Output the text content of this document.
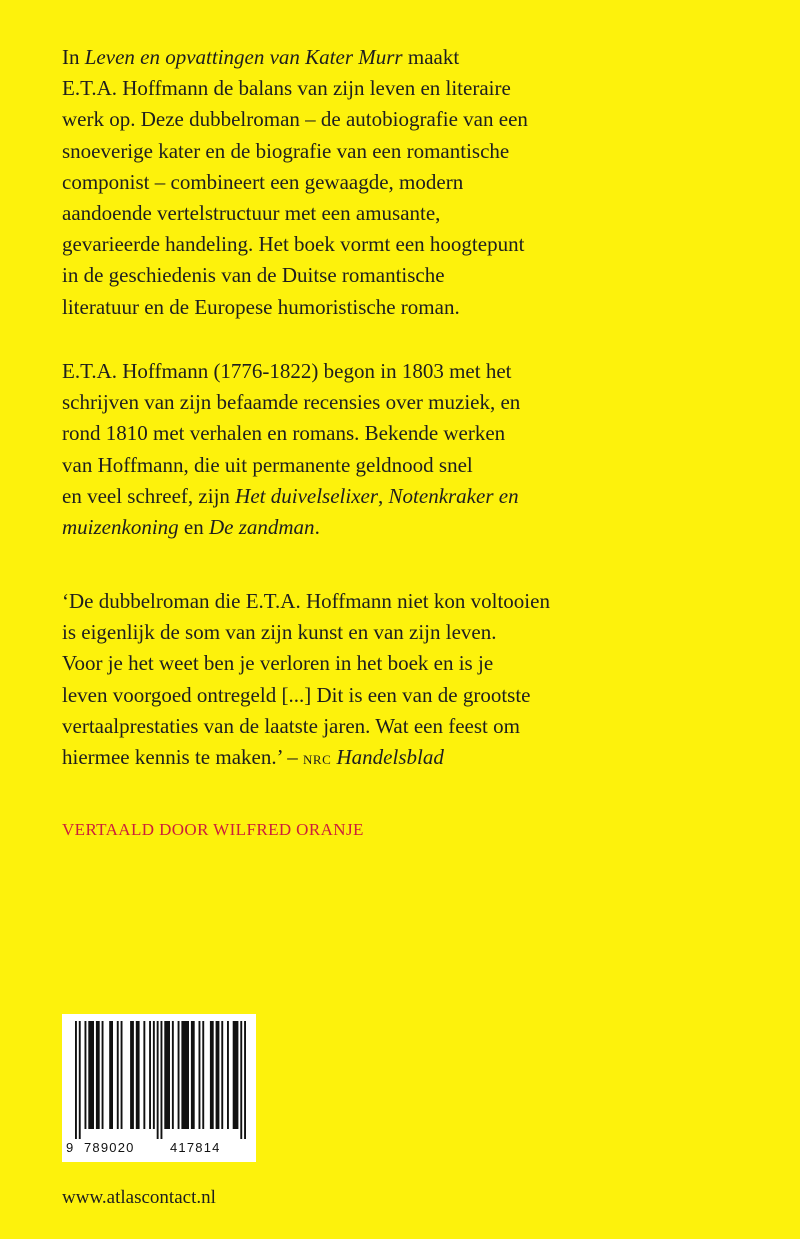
In Leven en opvattingen van Kater Murr maakt
E.T.A. Hoffmann de balans van zijn leven en literaire
werk op. Deze dubbelroman – de autobiografie van een
snoeverige kater en de biografie van een romantische
componist – combineert een gewaagde, modern
aandoende vertelstructuur met een amusante,
gevarieerde handeling. Het boek vormt een hoogtepunt
in de geschiedenis van de Duitse romantische
literatuur en de Europese humoristische roman.

E.T.A. Hoffmann (1776-1822) begon in 1803 met het
schrijven van zijn befaamde recensies over muziek, en
rond 1810 met verhalen en romans. Bekende werken
van Hoffmann, die uit permanente geldnood snel
en veel schreef, zijn Het duivelselixer, Notenkraker en
muizenkoning en De zandman.

‘De dubbelroman die E.T.A. Hoffmann niet kon voltooien
is eigenlijk de som van zijn kunst en van zijn leven.
Voor je het weet ben je verloren in het boek en is je
leven voorgoed ontregeld [...] Dit is een van de grootste
vertaalprestaties van de laatste jaren. Wat een feest om
hiermee kennis te maken.’ – NRC Handelsblad

VERTAALD DOOR WILFRED ORANJE
9 789020	417814
www.atlascontact.nl
